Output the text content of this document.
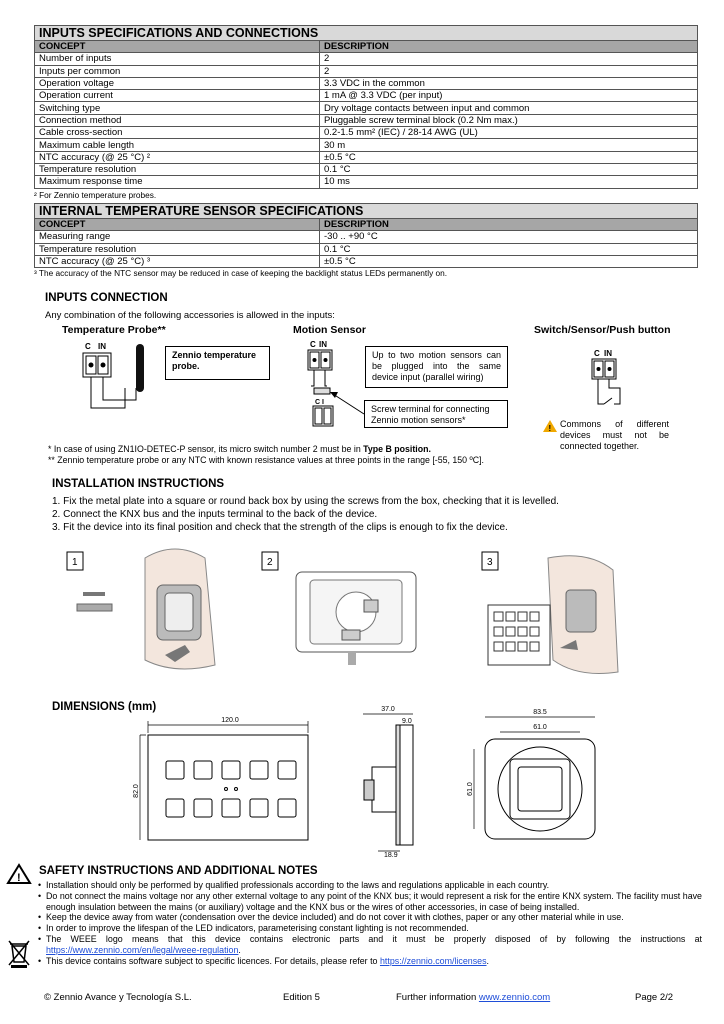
INPUTS SPECIFICATIONS AND CONNECTIONS	
CONCEPT	DESCRIPTION
Number of inputs	2
Inputs per common	2
Operation voltage	3.3 VDC in the common
Operation current	1 mA @ 3.3 VDC (per input)
Switching type	Dry voltage contacts between input and common
Connection method	Pluggable screw terminal block (0.2 Nm max.)
Cable cross-section	0.2-1.5 mm² (IEC) / 28-14 AWG (UL)
Maximum cable length	30 m
NTC accuracy (@ 25 °C) ²	±0.5 °C
Temperature resolution	0.1 °C
Maximum response time	10 ms
² For Zennio temperature probes.
INTERNAL TEMPERATURE SENSOR SPECIFICATIONS	
CONCEPT	DESCRIPTION
Measuring range	-30 .. +90 °C
Temperature resolution	0.1 °C
NTC accuracy (@ 25 °C) ³	±0.5 °C
³ The accuracy of the NTC sensor may be reduced in case of keeping the backlight status LEDs permanently on.
INPUTS CONNECTION
Any combination of the following accessories is allowed in the inputs:
Temperature Probe**	Motion Sensor	Switch/Sensor/Push button
C IN
Zennio temperature probe.
C IN
C I
Up to two motion sensors can be plugged into the same device input (parallel wiring)
Screw terminal for connecting Zennio motion sensors*
C IN
! Commons of different devices must not be connected together.
* In case of using ZN1IO-DETEC-P sensor, its micro switch number 2 must be in Type B position.
** Zennio temperature probe or any NTC with known resistance values at three points in the range [-55, 150 ºC].
INSTALLATION INSTRUCTIONS
1. Fix the metal plate into a square or round back box by using the screws from the box, checking that it is levelled.
2. Connect the KNX bus and the inputs terminal to the back of the device.
3. Fit the device into its final position and check that the strength of the clips is enough to fix the device.
1	2	3
DIMENSIONS (mm)
120.0
82.0
37.0
9.0
18.9
83.5
61.0
61.0
!
SAFETY INSTRUCTIONS AND ADDITIONAL NOTES
• Installation should only be performed by qualified professionals according to the laws and regulations applicable in each country.
• Do not connect the mains voltage nor any other external voltage to any point of the KNX bus; it would represent a risk for the entire KNX system. The facility must have enough insulation between the mains (or auxiliary) voltage and the KNX bus or the wires of other accessories, in case of being installed.
• Keep the device away from water (condensation over the device included) and do not cover it with clothes, paper or any other material while in use.
• In order to improve the lifespan of the LED indicators, parameterising constant lighting is not recommended.
• The WEEE logo means that this device contains electronic parts and it must be properly disposed of by following the instructions at https://www.zennio.com/en/legal/weee-regulation.
• This device contains software subject to specific licences. For details, please refer to https://zennio.com/licenses.
© Zennio Avance y Tecnología S.L.	Edition 5	Further information www.zennio.com	Page 2/2
